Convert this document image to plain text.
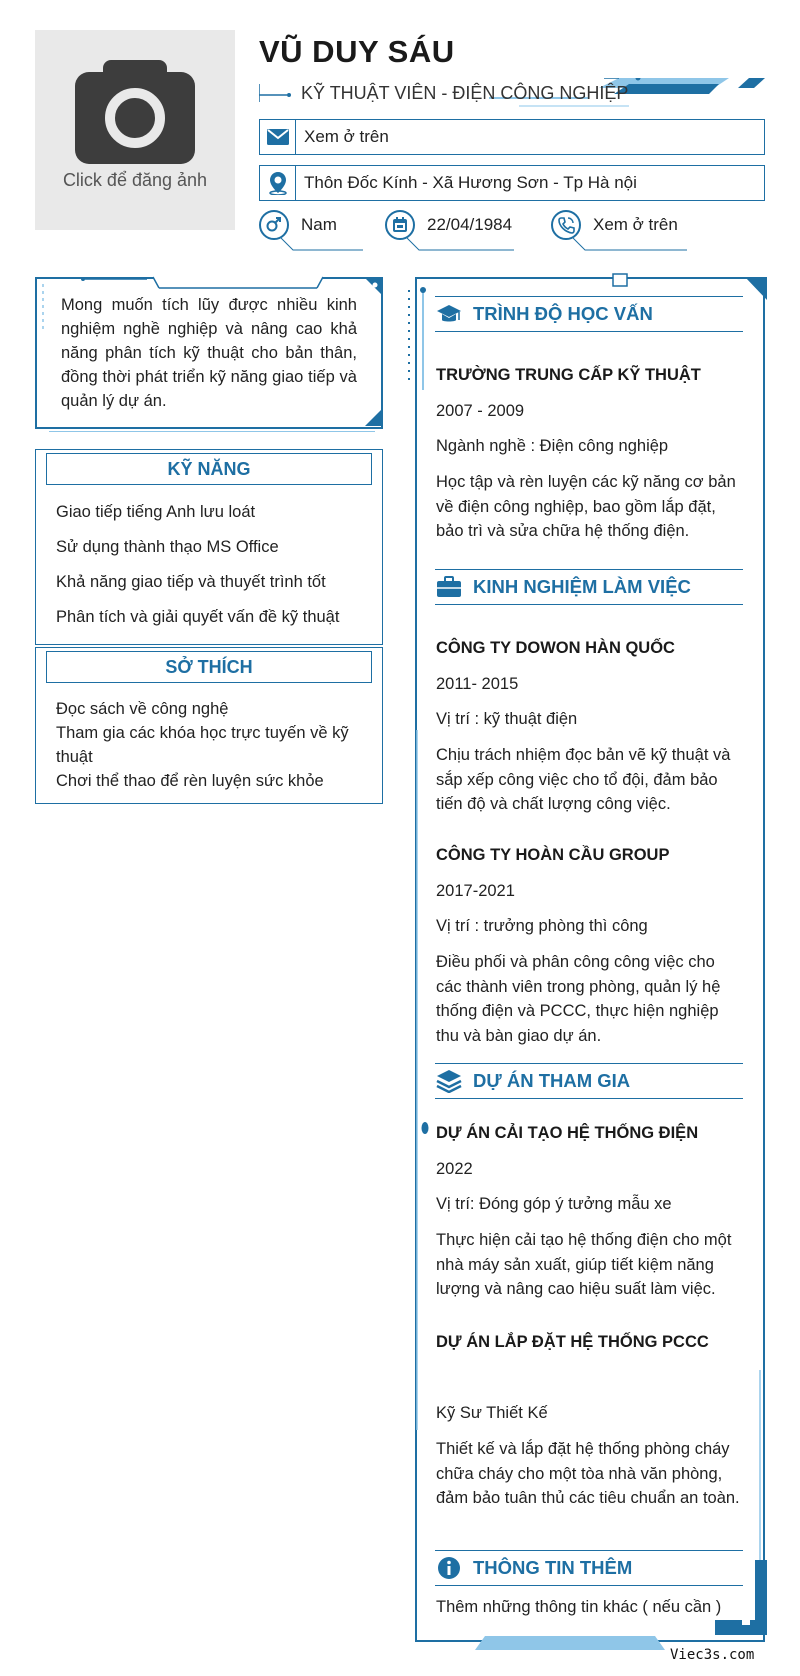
Click để đăng ảnh
VŨ DUY SÁU
KỸ THUẬT VIÊN - ĐIỆN CÔNG NGHIỆP
Xem ở trên
Thôn Đốc Kính - Xã Hương Sơn - Tp Hà nội
Nam	22/04/1984	Xem ở trên
Mong muốn tích lũy được nhiều kinh nghiệm nghề nghiệp và nâng cao khả năng phân tích kỹ thuật cho bản thân, đồng thời phát triển kỹ năng giao tiếp và quản lý dự án.
KỸ NĂNG
Giao tiếp tiếng Anh lưu loát
Sử dụng thành thạo MS Office
Khả năng giao tiếp và thuyết trình tốt
Phân tích và giải quyết vấn đề kỹ thuật
SỞ THÍCH
Đọc sách về công nghệ
Tham gia các khóa học trực tuyến về kỹ thuật
Chơi thể thao để rèn luyện sức khỏe
TRÌNH ĐỘ HỌC VẤN
TRƯỜNG TRUNG CẤP KỸ THUẬT
2007 - 2009
Ngành nghề : Điện công nghiệp
Học tập và rèn luyện các kỹ năng cơ bản về điện công nghiệp, bao gồm lắp đặt, bảo trì và sửa chữa hệ thống điện.
KINH NGHIỆM LÀM VIỆC
CÔNG TY DOWON HÀN QUỐC
2011- 2015
Vị trí : kỹ thuật điện
Chịu trách nhiệm đọc bản vẽ kỹ thuật và sắp xếp công việc cho tổ đội, đảm bảo tiến độ và chất lượng công việc.
CÔNG TY HOÀN CẦU GROUP
2017-2021
Vị trí : trưởng phòng thì công
Điều phối và phân công công việc cho các thành viên trong phòng, quản lý hệ thống điện và PCCC, thực hiện nghiệp thu và bàn giao dự án.
DỰ ÁN THAM GIA
DỰ ÁN CẢI TẠO HỆ THỐNG ĐIỆN
2022
Vị trí: Đóng góp ý tưởng mẫu xe
Thực hiện cải tạo hệ thống điện cho một nhà máy sản xuất, giúp tiết kiệm năng lượng và nâng cao hiệu suất làm việc.
DỰ ÁN LẮP ĐẶT HỆ THỐNG PCCC
Kỹ Sư Thiết Kế
Thiết kế và lắp đặt hệ thống phòng cháy chữa cháy cho một tòa nhà văn phòng, đảm bảo tuân thủ các tiêu chuẩn an toàn.
THÔNG TIN THÊM
Thêm những thông tin khác ( nếu cần )
Viec3s.com
